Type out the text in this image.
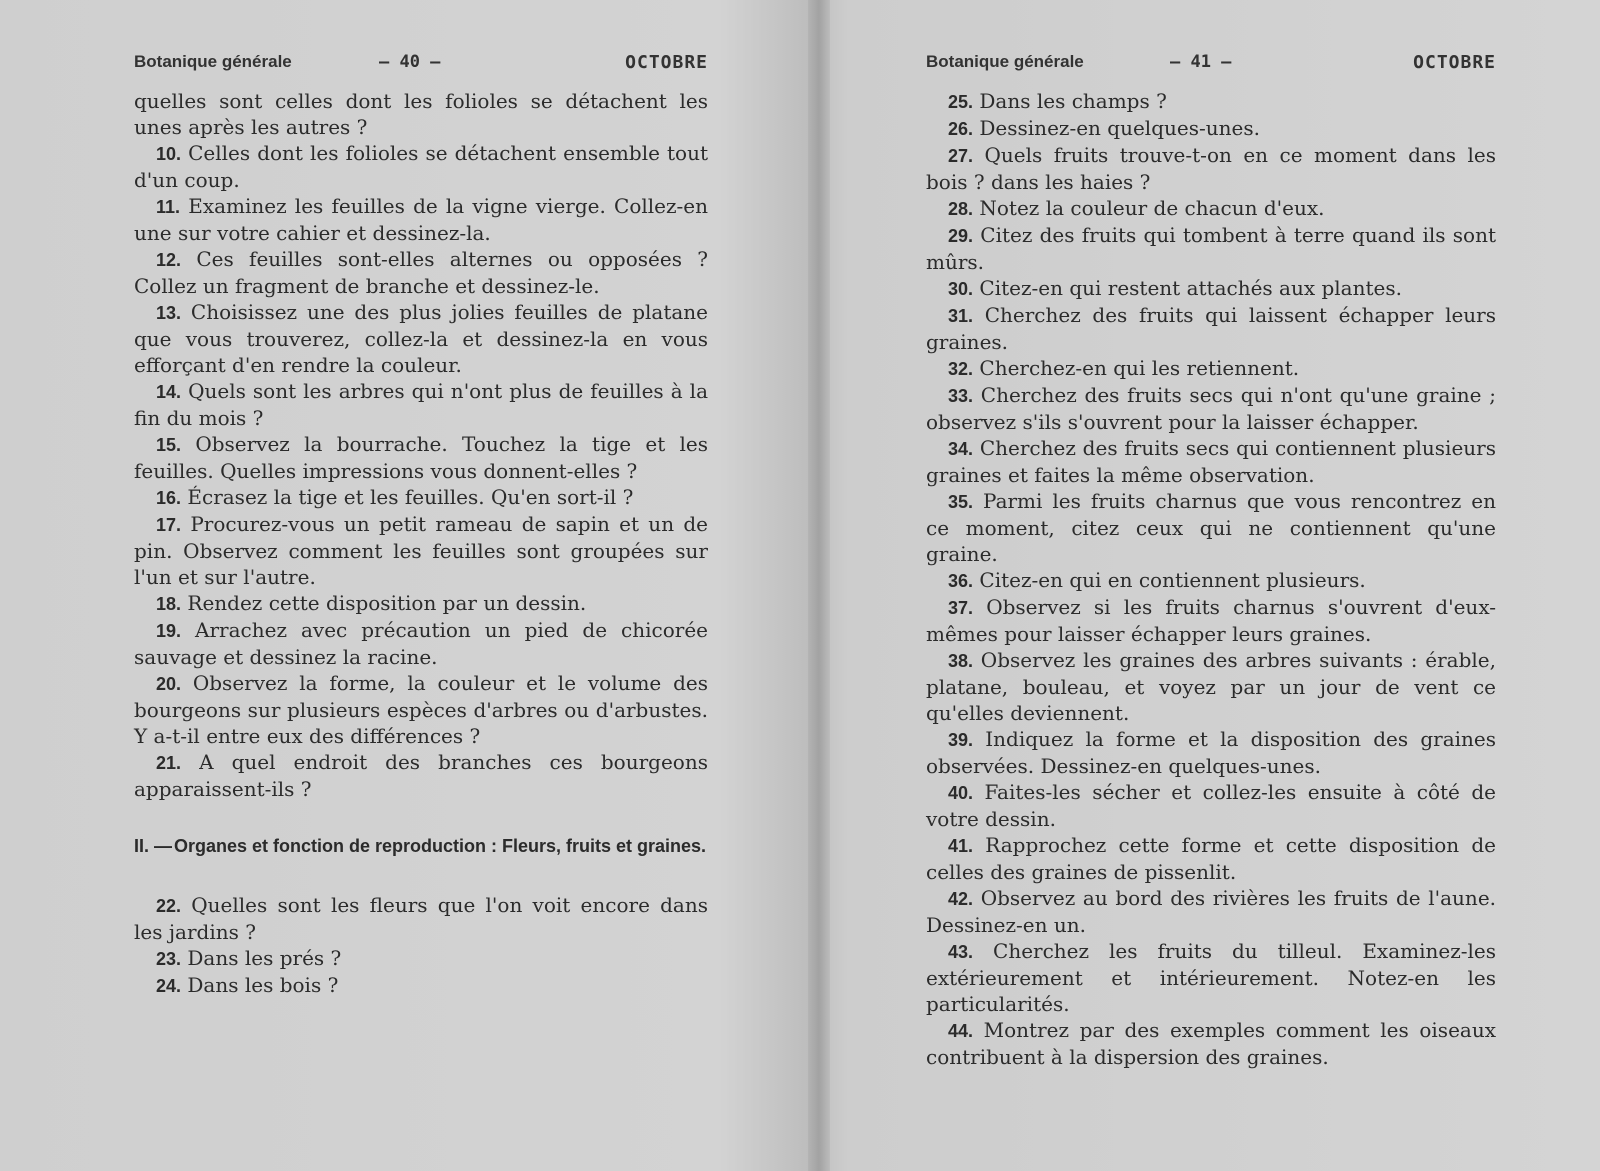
Botanique générale	— 40 —	OCTOBRE

quelles sont celles dont les folioles se détachent les unes après les autres ?

10. Celles dont les folioles se détachent ensemble tout d'un coup.

11. Examinez les feuilles de la vigne vierge. Collez-en une sur votre cahier et dessinez-la.

12. Ces feuilles sont-elles alternes ou opposées ? Collez un fragment de branche et dessinez-le.

13. Choisissez une des plus jolies feuilles de platane que vous trouverez, collez-la et dessinez-la en vous efforçant d'en rendre la couleur.

14. Quels sont les arbres qui n'ont plus de feuilles à la fin du mois ?

15. Observez la bourrache. Touchez la tige et les feuilles. Quelles impressions vous donnent-elles ?

16. Écrasez la tige et les feuilles. Qu'en sort-il ?

17. Procurez-vous un petit rameau de sapin et un de pin. Observez comment les feuilles sont groupées sur l'un et sur l'autre.

18. Rendez cette disposition par un dessin.

19. Arrachez avec précaution un pied de chicorée sauvage et dessinez la racine.

20. Observez la forme, la couleur et le volume des bourgeons sur plusieurs espèces d'arbres ou d'arbustes. Y a-t-il entre eux des différences ?

21. A quel endroit des branches ces bourgeons apparaissent-ils ?

II. — Organes et fonction de reproduction : Fleurs, fruits et graines.

22. Quelles sont les fleurs que l'on voit encore dans les jardins ?

23. Dans les prés ?

24. Dans les bois ?

Botanique générale	— 41 —	OCTOBRE

25. Dans les champs ?

26. Dessinez-en quelques-unes.

27. Quels fruits trouve-t-on en ce moment dans les bois ? dans les haies ?

28. Notez la couleur de chacun d'eux.

29. Citez des fruits qui tombent à terre quand ils sont mûrs.

30. Citez-en qui restent attachés aux plantes.

31. Cherchez des fruits qui laissent échapper leurs graines.

32. Cherchez-en qui les retiennent.

33. Cherchez des fruits secs qui n'ont qu'une graine ; observez s'ils s'ouvrent pour la laisser échapper.

34. Cherchez des fruits secs qui contiennent plusieurs graines et faites la même observation.

35. Parmi les fruits charnus que vous rencontrez en ce moment, citez ceux qui ne contiennent qu'une graine.

36. Citez-en qui en contiennent plusieurs.

37. Observez si les fruits charnus s'ouvrent d'eux-mêmes pour laisser échapper leurs graines.

38. Observez les graines des arbres suivants : érable, platane, bouleau, et voyez par un jour de vent ce qu'elles deviennent.

39. Indiquez la forme et la disposition des graines observées. Dessinez-en quelques-unes.

40. Faites-les sécher et collez-les ensuite à côté de votre dessin.

41. Rapprochez cette forme et cette disposition de celles des graines de pissenlit.

42. Observez au bord des rivières les fruits de l'aune. Dessinez-en un.

43. Cherchez les fruits du tilleul. Examinez-les extérieurement et intérieurement. Notez-en les particularités.

44. Montrez par des exemples comment les oiseaux contribuent à la dispersion des graines.
